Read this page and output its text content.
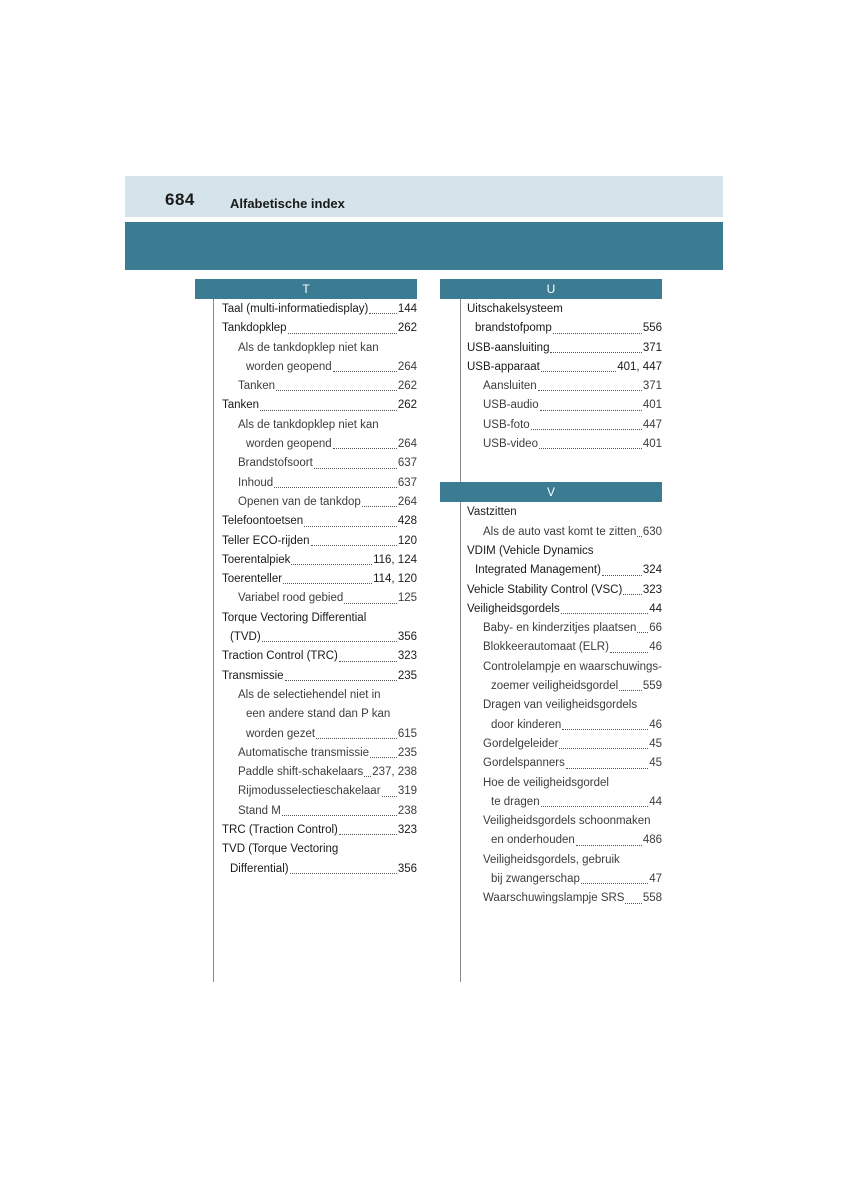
684	Alfabetische index
T
Taal (multi-informatiedisplay)	144
Tankdopklep	262
Als de tankdopklep niet kan
worden geopend	264
Tanken	262
Tanken	262
Als de tankdopklep niet kan
worden geopend	264
Brandstofsoort	637
Inhoud	637
Openen van de tankdop	264
Telefoontoetsen	428
Teller ECO-rijden	120
Toerentalpiek	116, 124
Toerenteller	114, 120
Variabel rood gebied	125
Torque Vectoring Differential
(TVD)	356
Traction Control (TRC)	323
Transmissie	235
Als de selectiehendel niet in
een andere stand dan P kan
worden gezet	615
Automatische transmissie	235
Paddle shift-schakelaars 237, 238
Rijmodusselectieschakelaar 319
Stand M	238
TRC (Traction Control)	323
TVD (Torque Vectoring
Differential)	356
U
Uitschakelsysteem
brandstofpomp	556
USB-aansluiting	371
USB-apparaat	401, 447
Aansluiten	371
USB-audio	401
USB-foto	447
USB-video	401
V
Vastzitten
Als de auto vast komt te zitten 630
VDIM (Vehicle Dynamics
Integrated Management)	324
Vehicle Stability Control (VSC) 323
Veiligheidsgordels	44
Baby- en kinderzitjes plaatsen 66
Blokkeerautomaat (ELR)	46
Controlelampje en waarschuwings-
zoemer veiligheidsgordel 559
Dragen van veiligheidsgordels
door kinderen	46
Gordelgeleider	45
Gordelspanners	45
Hoe de veiligheidsgordel
te dragen	44
Veiligheidsgordels schoonmaken
en onderhouden	486
Veiligheidsgordels, gebruik
bij zwangerschap	47
Waarschuwingslampje SRS 558
